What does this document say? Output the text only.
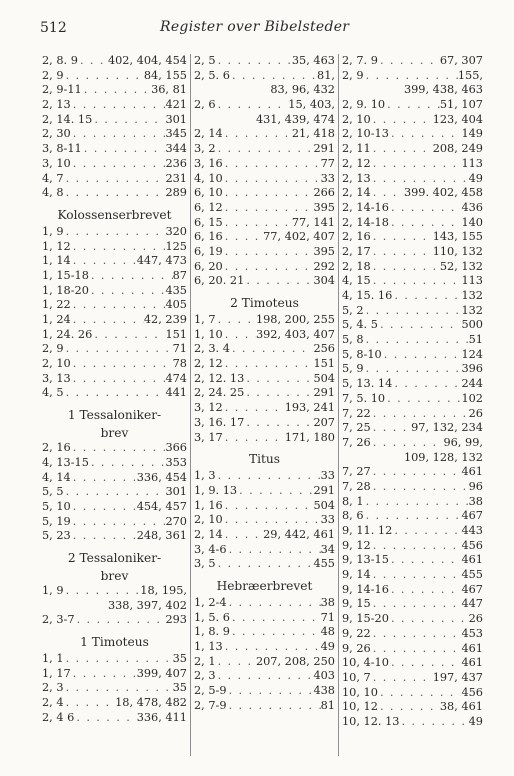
512	Register over Bibelsteder
2, 8. 9 . . .	402, 404, 454
2, 9 . . .	84, 155
2, 9-11 . . .	36, 81
2, 13 . . .	421
2, 14. 15 . . .	301
2, 30 . . .	345
3, 8-11 . . .	344
3, 10 . . .	236
4, 7 . . .	231
4, 8 . . .	289
Kolossenserbrevet
1, 9 . . .	320
1, 12 . . .	125
1, 14 . . .	447, 473
1, 15-18 . . .	87
1, 18-20 . . .	435
1, 22 . . .	405
1, 24 . . .	42, 239
1, 24. 26 . . .	151
2, 9 . . .	71
2, 10 . . .	78
3, 13 . . .	474
4, 5 . . .	441
1 Tessaloniker-
brev
2, 16 . . .	366
4, 13-15 . . .	353
4, 14 . . .	336, 454
5, 5 . . .	301
5, 10 . . .	454, 457
5, 19 . . .	270
5, 23 . . .	248, 361
2 Tessaloniker-
brev
1, 9 . . .	18, 195,
338, 397, 402
2, 3-7 . . .	293
1 Timoteus
1, 1 . . .	35
1, 17 . . .	399, 407
2, 3 . . .	35
2, 4 . . .	18, 478, 482
2, 4 6 . . .	336, 411
2, 5 . . .	35, 463
2, 5. 6 . . .	81,
83, 96, 432
2, 6 . . .	15, 403,
431, 439, 474
2, 14 . . .	21, 418
3, 2 . . .	291
3, 16 . . .	77
4, 10 . . .	33
6, 10 . . .	266
6, 12 . . .	395
6, 15 . . .	77, 141
6, 16 . . .	77, 402, 407
6, 19 . . .	395
6, 20 . . .	292
6, 20. 21 . . .	304
2 Timoteus
1, 7 . . .	198, 200, 255
1, 10 . . .	392, 403, 407
2, 3. 4 . . .	256
2, 12 . . .	151
2, 12. 13 . . .	504
2, 24. 25 . . .	291
3, 12 . . .	193, 241
3, 16. 17 . . .	207
3, 17 . . .	171, 180
Titus
1, 3 . . .	33
1, 9. 13 . . .	291
1, 16 . . .	504
2, 10 . . .	33
2, 14 . . .	29, 442, 461
3, 4-6 . . .	34
3, 5 . . .	455
Hebræerbrevet
1, 2-4 . . .	38
1, 5. 6 . . .	71
1, 8. 9 . . .	48
1, 13 . . .	49
2, 1 . . .	207, 208, 250
2, 3 . . .	403
2, 5-9 . . .	438
2, 7-9 . . .	81
2, 7. 9 . . .	67, 307
2, 9 . . .	155,
399, 438, 463
2, 9. 10 . . .	51, 107
2, 10 . . .	123, 404
2, 10-13 . . .	149
2, 11 . . .	208, 249
2, 12 . . .	113
2, 13 . . .	49
2, 14 . . .	399. 402, 458
2, 14-16 . . .	436
2, 14-18 . . .	140
2, 16 . . .	143, 155
2, 17 . . .	110, 132
2, 18 . . .	52, 132
4, 15 . . .	113
4, 15. 16 . . .	132
5, 2 . . .	132
5, 4. 5 . . .	500
5, 8 . . .	51
5, 8-10 . . .	124
5, 9 . . .	396
5, 13. 14 . . .	244
7, 5. 10 . . .	102
7, 22 . . .	26
7, 25 . . .	97, 132, 234
7, 26 . . .	96, 99,
109, 128, 132
7, 27 . . .	461
7, 28 . . .	96
8, 1 . . .	38
8, 6 . . .	467
9, 11. 12 . . .	443
9, 12 . . .	456
9, 13-15 . . .	461
9, 14 . . .	455
9, 14-16 . . .	467
9, 15 . . .	447
9, 15-20 . . .	26
9, 22 . . .	453
9, 26 . . .	461
10, 4-10 . . .	461
10, 7 . . .	197, 437
10, 10 . . .	456
10, 12 . . .	38, 461
10, 12. 13 . . .	49
